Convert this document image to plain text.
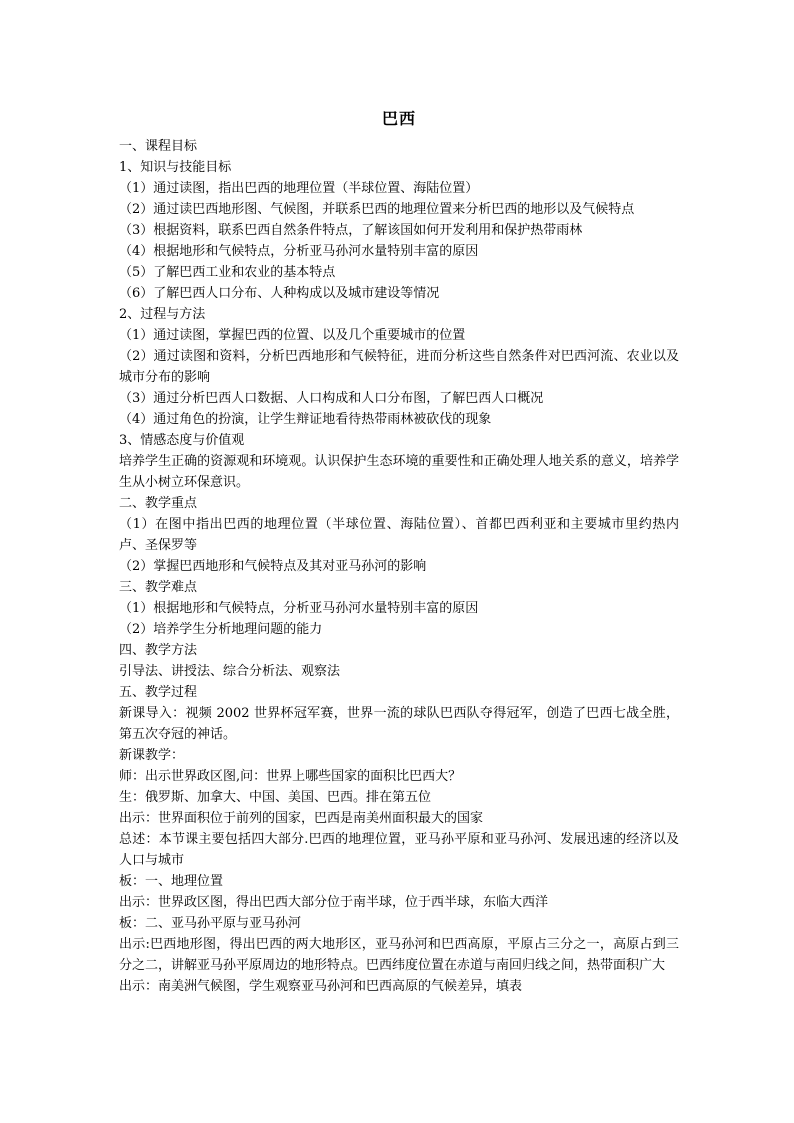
巴西
一、课程目标
1、知识与技能目标
（1）通过读图，指出巴西的地理位置（半球位置、海陆位置）
（2）通过读巴西地形图、气候图，并联系巴西的地理位置来分析巴西的地形以及气候特点
（3）根据资料，联系巴西自然条件特点，了解该国如何开发利用和保护热带雨林
（4）根据地形和气候特点，分析亚马孙河水量特别丰富的原因
（5）了解巴西工业和农业的基本特点
（6）了解巴西人口分布、人种构成以及城市建设等情况
2、过程与方法
（1）通过读图，掌握巴西的位置、以及几个重要城市的位置
（2）通过读图和资料，分析巴西地形和气候特征，进而分析这些自然条件对巴西河流、农业以及城市分布的影响
（3）通过分析巴西人口数据、人口构成和人口分布图，了解巴西人口概况
（4）通过角色的扮演，让学生辩证地看待热带雨林被砍伐的现象
3、情感态度与价值观
培养学生正确的资源观和环境观。认识保护生态环境的重要性和正确处理人地关系的意义，培养学生从小树立环保意识。
二、教学重点
（1）在图中指出巴西的地理位置（半球位置、海陆位置）、首都巴西利亚和主要城市里约热内卢、圣保罗等
（2）掌握巴西地形和气候特点及其对亚马孙河的影响
三、教学难点
（1）根据地形和气候特点，分析亚马孙河水量特别丰富的原因
（2）培养学生分析地理问题的能力
四、教学方法
引导法、讲授法、综合分析法、观察法
五、教学过程
新课导入：视频 2002 世界杯冠军赛，世界一流的球队巴西队夺得冠军，创造了巴西七战全胜，第五次夺冠的神话。
新课教学：
师：出示世界政区图,问：世界上哪些国家的面积比巴西大？
生：俄罗斯、加拿大、中国、美国、巴西。排在第五位
出示：世界面积位于前列的国家，巴西是南美州面积最大的国家
总述：本节课主要包括四大部分.巴西的地理位置，亚马孙平原和亚马孙河、发展迅速的经济以及人口与城市
板：一、地理位置
出示：世界政区图，得出巴西大部分位于南半球，位于西半球，东临大西洋
板：二、亚马孙平原与亚马孙河
出示:巴西地形图，得出巴西的两大地形区，亚马孙河和巴西高原，平原占三分之一，高原占到三分之二，讲解亚马孙平原周边的地形特点。巴西纬度位置在赤道与南回归线之间，热带面积广大
出示：南美洲气候图，学生观察亚马孙河和巴西高原的气候差异，填表
